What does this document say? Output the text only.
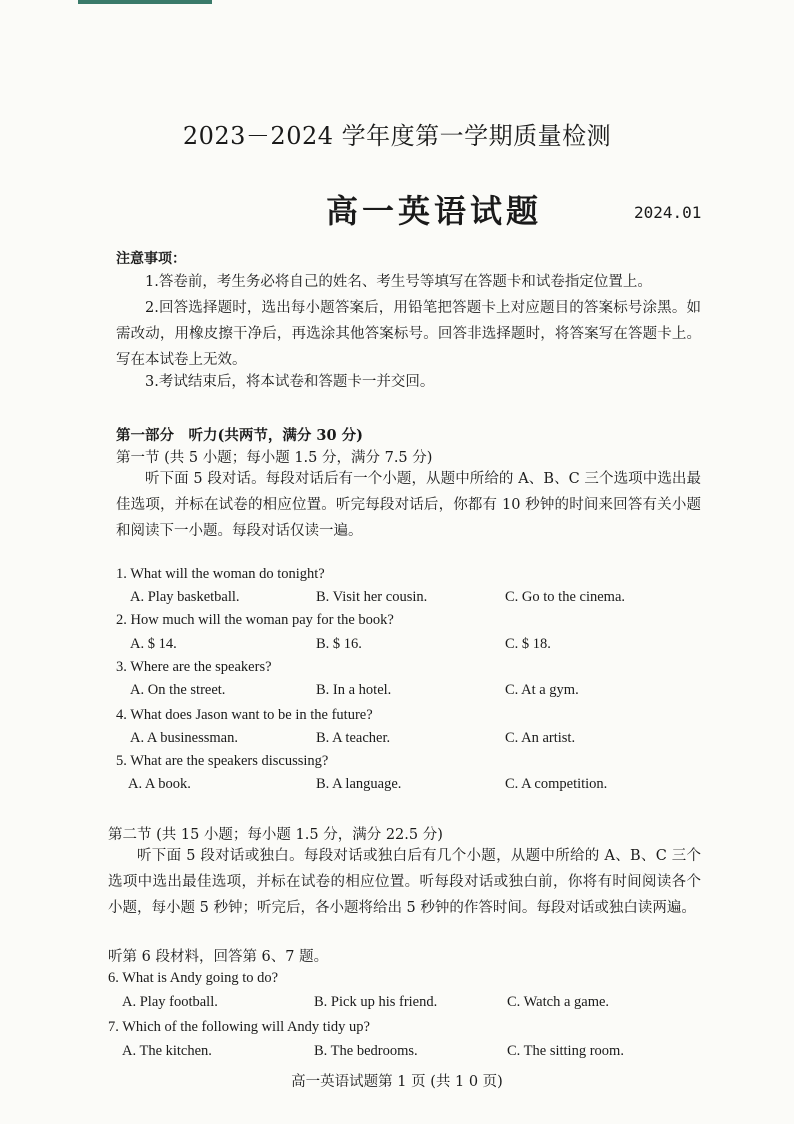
2023－2024 学年度第一学期质量检测
高一英语试题	2024.01
注意事项：
1.答卷前，考生务必将自己的姓名、考生号等填写在答题卡和试卷指定位置上。
2.回答选择题时，选出每小题答案后，用铅笔把答题卡上对应题目的答案标号涂黑。如需改动，用橡皮擦干净后，再选涂其他答案标号。回答非选择题时，将答案写在答题卡上。写在本试卷上无效。
3.考试结束后，将本试卷和答题卡一并交回。
第一部分　听力(共两节，满分 30 分)
第一节 (共 5 小题；每小题 1.5 分，满分 7.5 分)
听下面 5 段对话。每段对话后有一个小题，从题中所给的 A、B、C 三个选项中选出最佳选项，并标在试卷的相应位置。听完每段对话后，你都有 10 秒钟的时间来回答有关小题和阅读下一小题。每段对话仅读一遍。
1. What will the woman do tonight?
A. Play basketball.	B. Visit her cousin.	C. Go to the cinema.
2. How much will the woman pay for the book?
A. $ 14.	B. $ 16.	C. $ 18.
3. Where are the speakers?
A. On the street.	B. In a hotel.	C. At a gym.
4. What does Jason want to be in the future?
A. A businessman.	B. A teacher.	C. An artist.
5. What are the speakers discussing?
A. A book.	B. A language.	C. A competition.
第二节 (共 15 小题；每小题 1.5 分，满分 22.5 分)
听下面 5 段对话或独白。每段对话或独白后有几个小题，从题中所给的 A、B、C 三个选项中选出最佳选项，并标在试卷的相应位置。听每段对话或独白前，你将有时间阅读各个小题，每小题 5 秒钟；听完后，各小题将给出 5 秒钟的作答时间。每段对话或独白读两遍。
听第 6 段材料，回答第 6、7 题。
6. What is Andy going to do?
A. Play football.	B. Pick up his friend.	C. Watch a game.
7. Which of the following will Andy tidy up?
A. The kitchen.	B. The bedrooms.	C. The sitting room.
高一英语试题第 1 页 (共 1 0 页)
